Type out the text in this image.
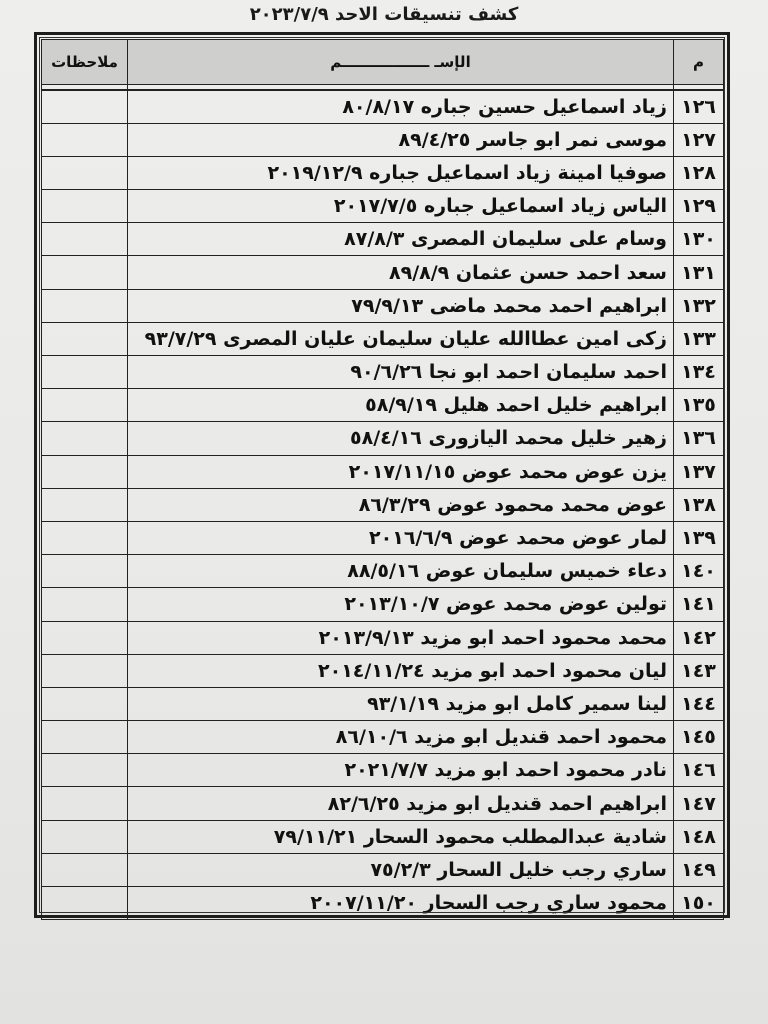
كشف تنسيقات الاحد ٢٠٢٣/٧/٩
م	الإسـ ـــــــــــــــــم	ملاحظات

١٢٦	زياد اسماعيل حسين جباره ٨٠/٨/١٧	
١٢٧	موسى نمر ابو جاسر ٨٩/٤/٢٥	
١٢٨	صوفيا امينة زياد اسماعيل جباره ٢٠١٩/١٢/٩	
١٢٩	الياس زياد اسماعيل جباره ٢٠١٧/٧/٥	
١٣٠	وسام على سليمان المصرى ٨٧/٨/٣	
١٣١	سعد احمد حسن عثمان ٨٩/٨/٩	
١٣٢	ابراهيم احمد محمد ماضى ٧٩/٩/١٣	
١٣٣	زكى امين عطاالله عليان سليمان عليان المصرى ٩٣/٧/٢٩	
١٣٤	احمد سليمان احمد ابو نجا ٩٠/٦/٢٦	
١٣٥	ابراهيم خليل احمد هليل ٥٨/٩/١٩	
١٣٦	زهير خليل محمد اليازورى ٥٨/٤/١٦	
١٣٧	يزن عوض محمد عوض ٢٠١٧/١١/١٥	
١٣٨	عوض محمد محمود عوض ٨٦/٣/٢٩	
١٣٩	لمار عوض محمد عوض ٢٠١٦/٦/٩	
١٤٠	دعاء خميس سليمان عوض ٨٨/٥/١٦	
١٤١	تولين عوض محمد عوض ٢٠١٣/١٠/٧	
١٤٢	محمد محمود احمد ابو مزيد ٢٠١٣/٩/١٣	
١٤٣	ليان محمود احمد ابو مزيد ٢٠١٤/١١/٢٤	
١٤٤	لينا سمير كامل ابو مزيد ٩٣/١/١٩	
١٤٥	محمود احمد قنديل ابو مزيد ٨٦/١٠/٦	
١٤٦	نادر محمود احمد ابو مزيد ٢٠٢١/٧/٧	
١٤٧	ابراهيم احمد قنديل ابو مزيد ٨٢/٦/٢٥	
١٤٨	شادية عبدالمطلب محمود السحار ٧٩/١١/٢١	
١٤٩	ساري رجب خليل السحار ٧٥/٢/٣	
١٥٠	محمود ساري رجب السحار ٢٠٠٧/١١/٢٠	
